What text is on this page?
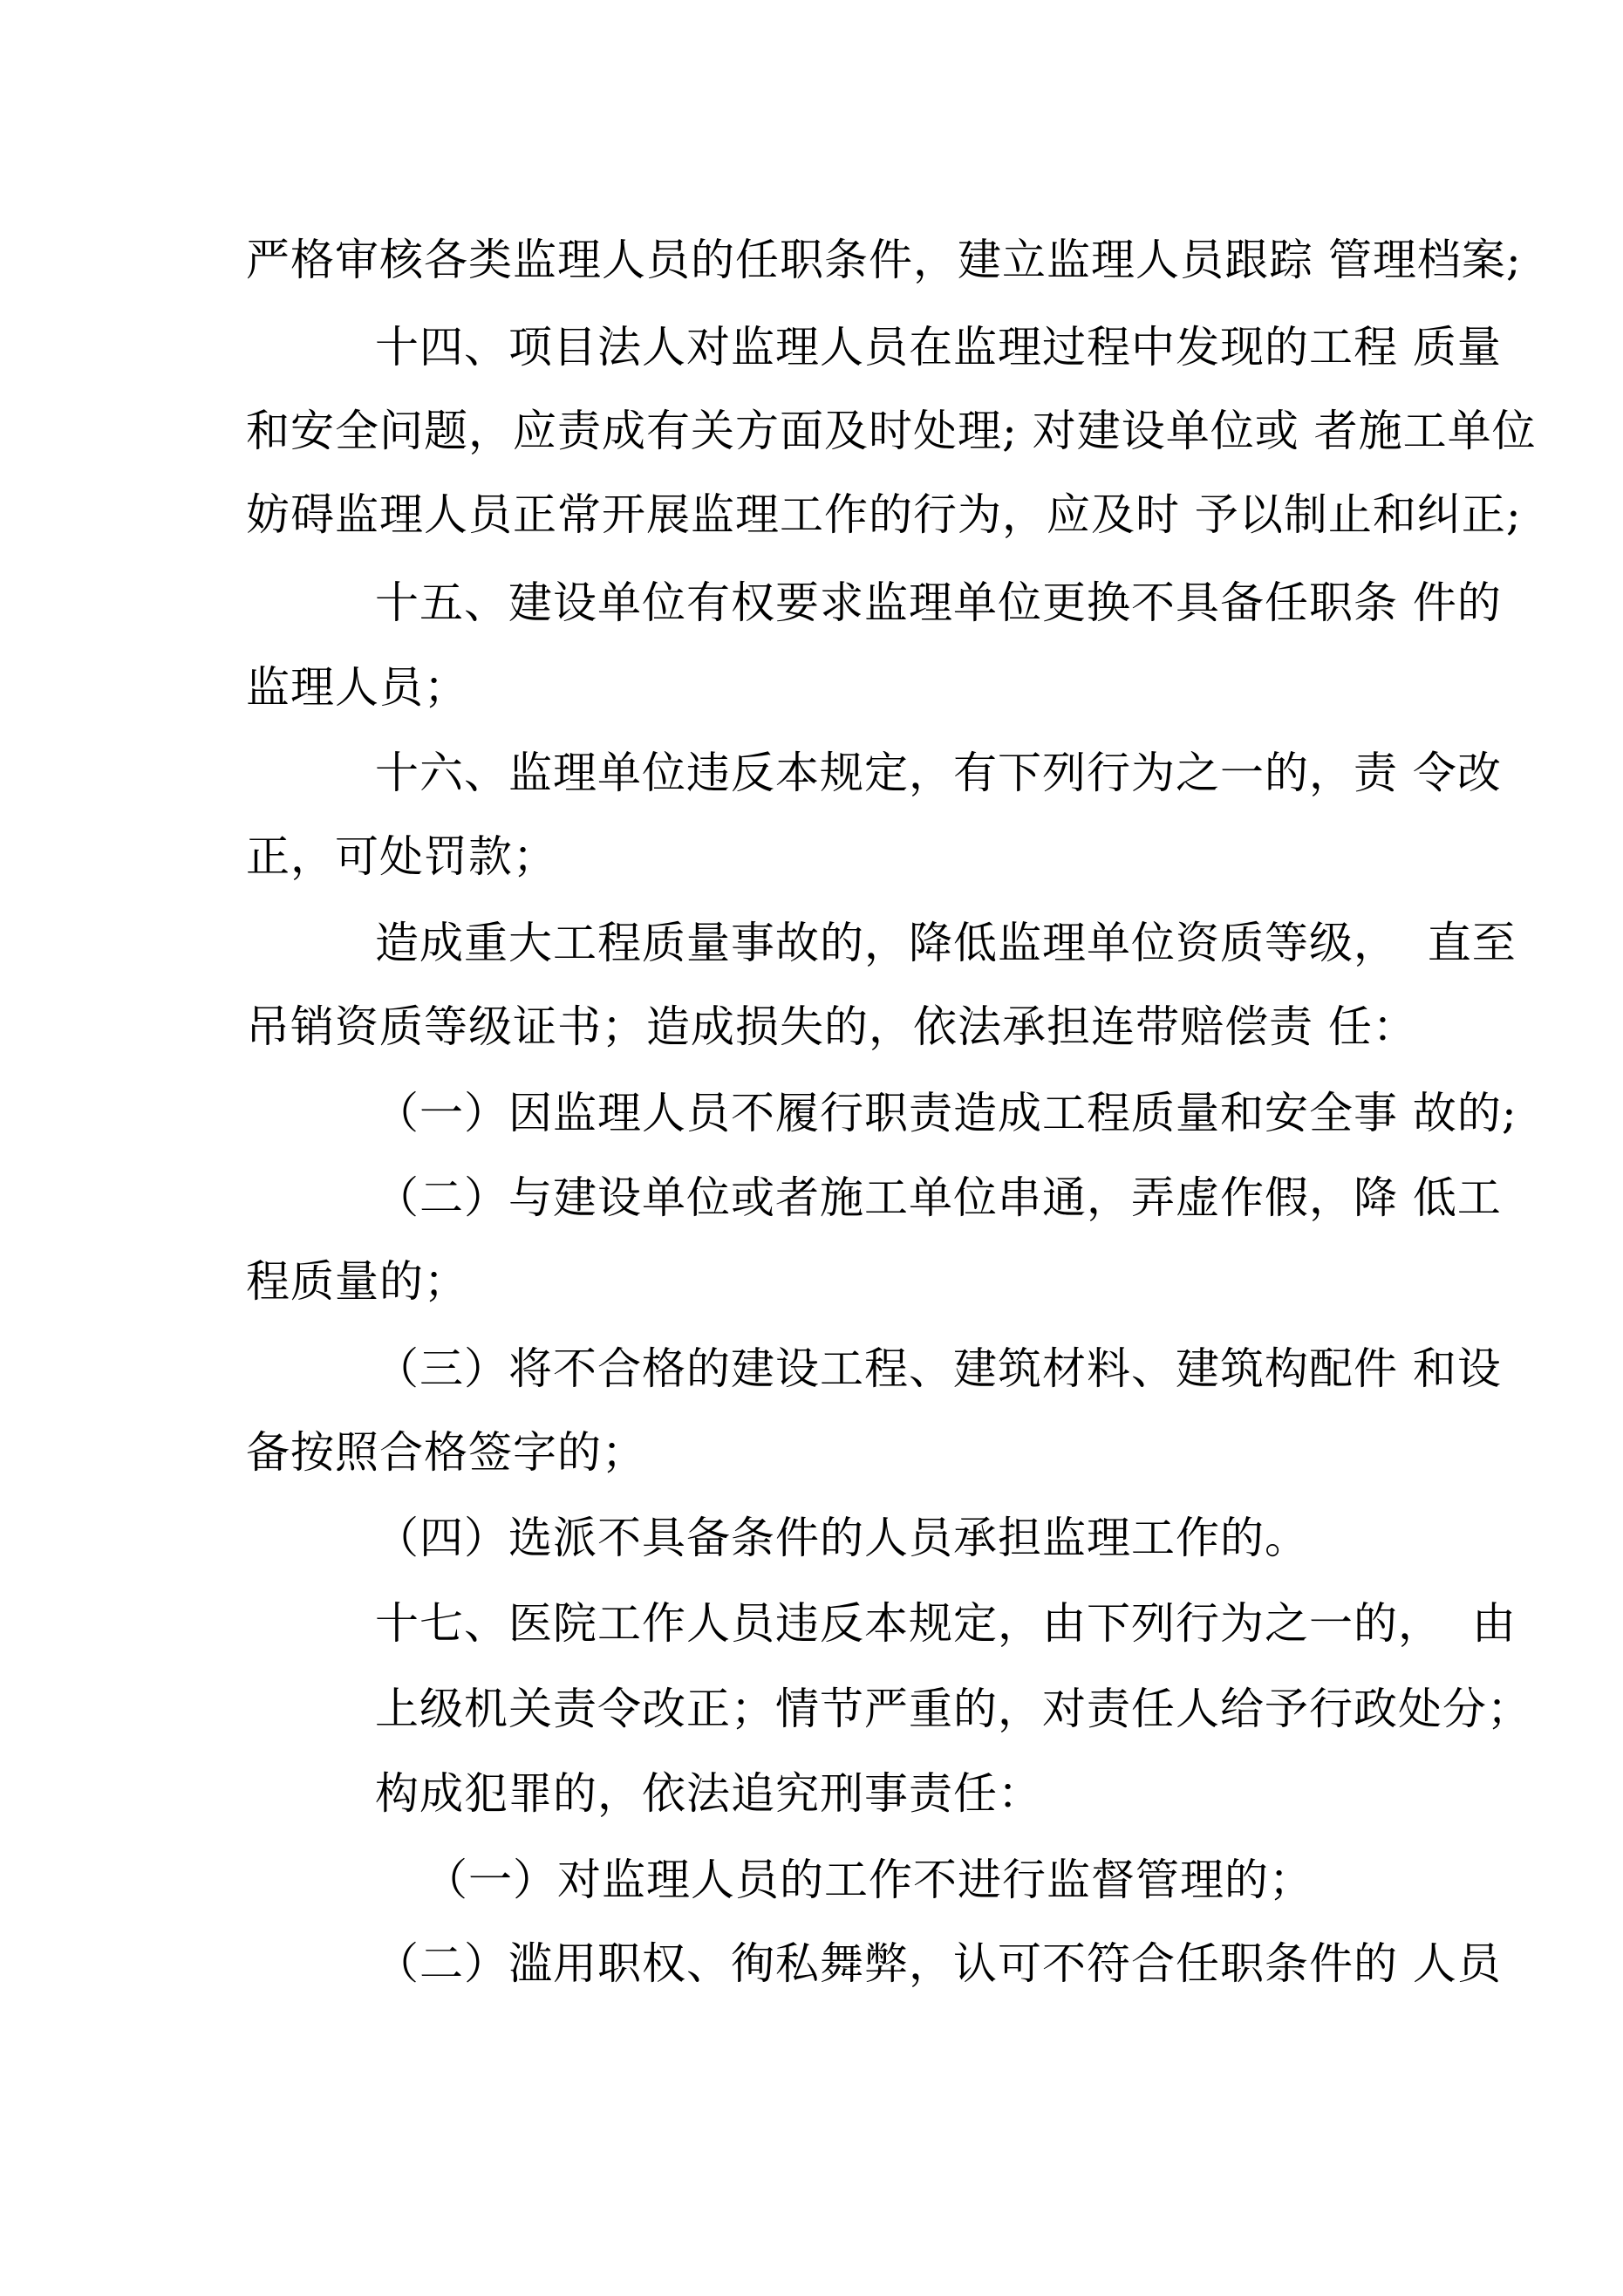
严格审核各类监理人员的任职条件，建立监理人员跟踪 管理档案;

十四、项目法人对监理人员在监理过程中发现的工程 质量

和安全问题，应责成有关方面及时处理; 对建设单位或 者施工单位

妨碍监理人员正常开展监理工作的行为，应及时 予以制止和纠正;

十五、建设单位有权要求监理单位更换不具备任职条 件的

监理人员；

十六、监理单位违反本规定，有下列行为之一的，责 令改

正，可处罚款；

造成重大工程质量事故的，降低监理单位资质等级，  直至

吊销资质等级证书；造成损失的，依法承担连带赔偿责 任：

（一）因监理人员不履行职责造成工程质量和安全事 故的;

（二）与建设单位或者施工单位串通，弄虚作假，降 低工

程质量的；

（三）将不合格的建设工程、建筑材料、建筑构配件 和设

备按照合格签字的；

（四）选派不具备条件的人员承担监理工作的。

十七、医院工作人员违反本规定，由下列行为之一的，  由

上级机关责令改正；情节严重的，对责任人给予行政处分；

构成犯罪的，依法追究刑事责任：

（一）对监理人员的工作不进行监督管理的；

（二）滥用职权、徇私舞弊，认可不符合任职条件的 人员
